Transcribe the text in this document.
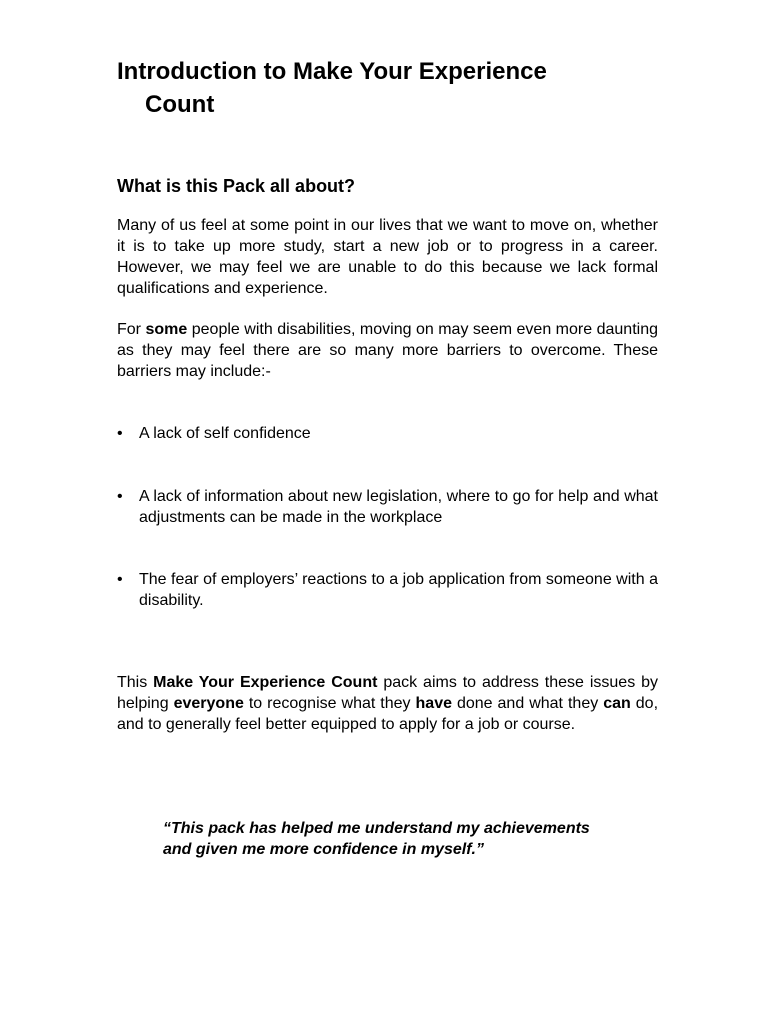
Introduction to Make Your Experience
Count
What is this Pack all about?

Many of us feel at some point in our lives that we want to move on, whether it is to take up more study, start a new job or to progress in a career. However, we may feel we are unable to do this because we lack formal qualifications and experience.

For some people with disabilities, moving on may seem even more daunting as they may feel there are so many more barriers to overcome. These barriers may include:-

•	A lack of self confidence
•	A lack of information about new legislation, where to go for help and what adjustments can be made in the workplace
•	The fear of employers’ reactions to a job application from someone with a disability.

This Make Your Experience Count pack aims to address these issues by helping everyone to recognise what they have done and what they can do, and to generally feel better equipped to apply for a job or course.

“This pack has helped me understand my achievements and given me more confidence in myself.”
